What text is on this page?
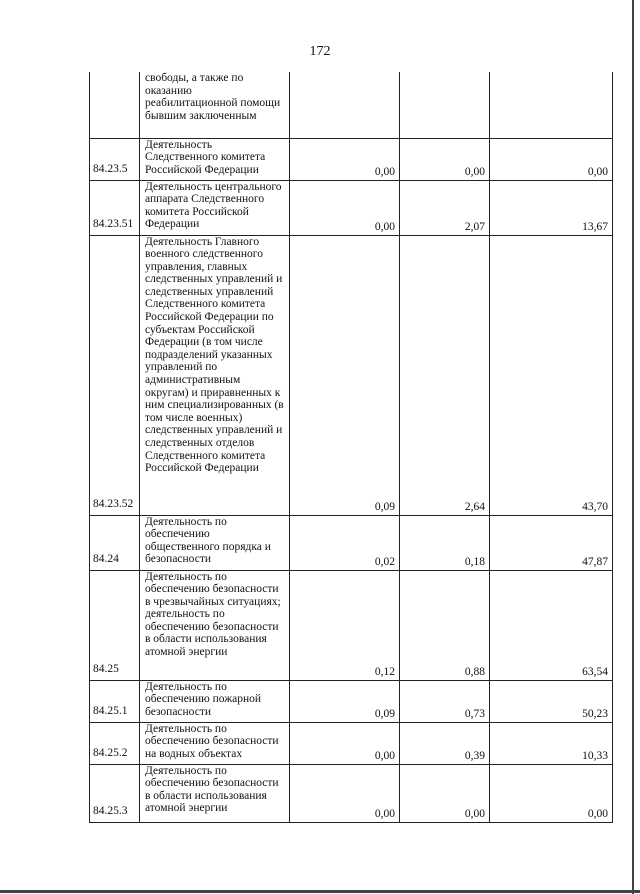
172
	свободы, а также по оказанию реабилитационной помощи бывшим заключенным			
84.23.5	Деятельность Следственного комитета Российской Федерации	0,00	0,00	0,00
84.23.51	Деятельность центрального аппарата Следственного комитета Российской Федерации	0,00	2,07	13,67
84.23.52	Деятельность Главного военного следственного управления, главных следственных управлений и следственных управлений Следственного комитета Российской Федерации по субъектам Российской Федерации (в том числе подразделений указанных управлений по административным округам) и приравненных к ним специализированных (в том числе военных) следственных управлений и следственных отделов Следственного комитета Российской Федерации	0,09	2,64	43,70
84.24	Деятельность по обеспечению общественного порядка и безопасности	0,02	0,18	47,87
84.25	Деятельность по обеспечению безопасности в чрезвычайных ситуациях; деятельность по обеспечению безопасности в области использования атомной энергии	0,12	0,88	63,54
84.25.1	Деятельность по обеспечению пожарной безопасности	0,09	0,73	50,23
84.25.2	Деятельность по обеспечению безопасности на водных объектах	0,00	0,39	10,33
84.25.3	Деятельность по обеспечению безопасности в области использования атомной энергии	0,00	0,00	0,00
